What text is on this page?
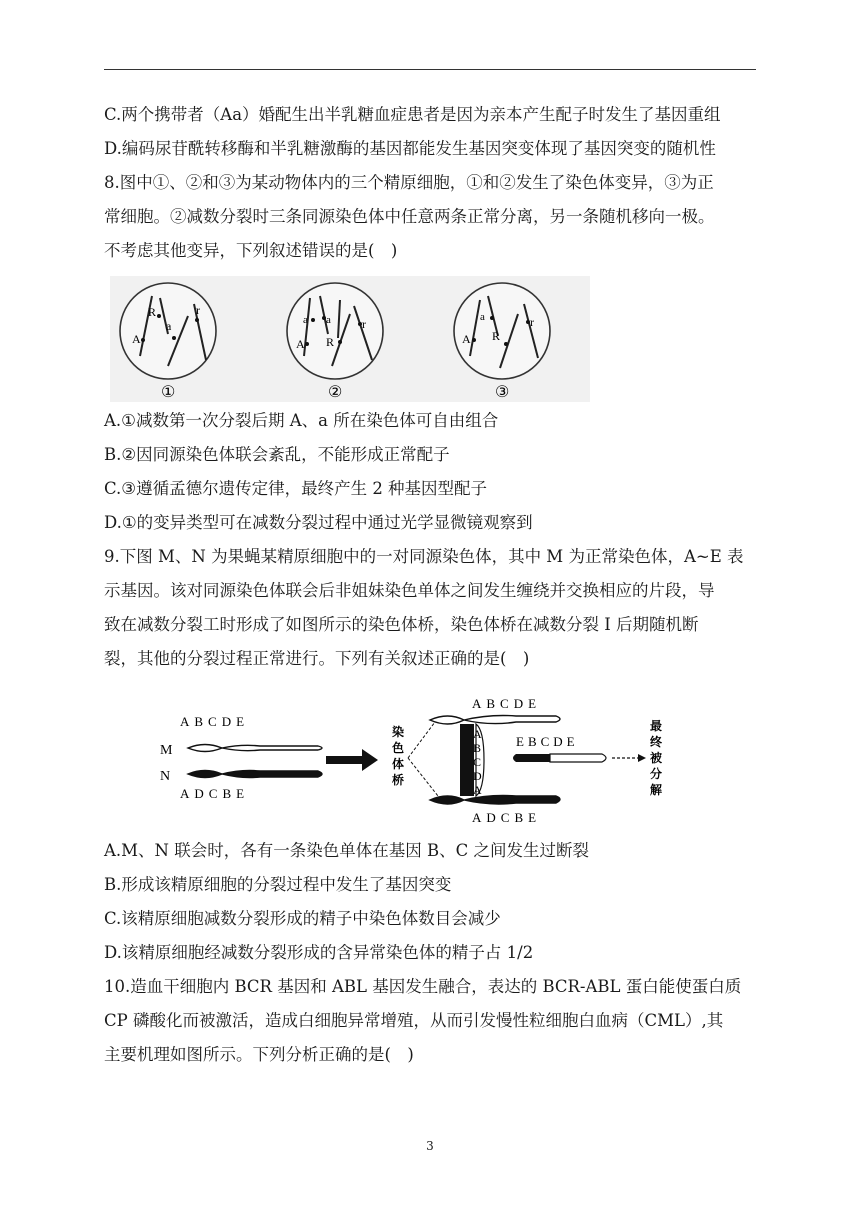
C.两个携带者（Aa）婚配生出半乳糖血症患者是因为亲本产生配子时发生了基因重组
D.编码尿苷酰转移酶和半乳糖激酶的基因都能发生基因突变体现了基因突变的随机性
8.图中①、②和③为某动物体内的三个精原细胞，①和②发生了染色体变异，③为正
常细胞。②减数分裂时三条同源染色体中任意两条正常分离，另一条随机移向一极。
不考虑其他变异，下列叙述错误的是(　)
A.①减数第一次分裂后期 A、a 所在染色体可自由组合
B.②因同源染色体联会紊乱，不能形成正常配子
C.③遵循孟德尔遗传定律，最终产生 2 种基因型配子
D.①的变异类型可在减数分裂过程中通过光学显微镜观察到
9.下图 M、N 为果蝇某精原细胞中的一对同源染色体，其中 M 为正常染色体，A~E 表
示基因。该对同源染色体联会后非姐妹染色单体之间发生缠绕并交换相应的片段，导
致在减数分裂工时形成了如图所示的染色体桥，染色体桥在减数分裂 I 后期随机断
裂，其他的分裂过程正常进行。下列有关叙述正确的是(　)
A.M、N 联会时，各有一条染色单体在基因 B、C 之间发生过断裂
B.形成该精原细胞的分裂过程中发生了基因突变
C.该精原细胞减数分裂形成的精子中染色体数目会减少
D.该精原细胞经减数分裂形成的含异常染色体的精子占 1/2
10.造血干细胞内 BCR 基因和 ABL 基因发生融合，表达的 BCR-ABL 蛋白能使蛋白质
CP 磷酸化而被激活，造成白细胞异常增殖，从而引发慢性粒细胞白血病（CML）,其
主要机理如图所示。下列分析正确的是(　)
R
A
a
r
①
a a
A R
r
②
a
A R
r
③
ABCDE
M
N
ADCBE
染
色
体
桥
ABCDE
A
B
C
D
A
ADCBE
EBCDE
最
终
被
分
解
3
